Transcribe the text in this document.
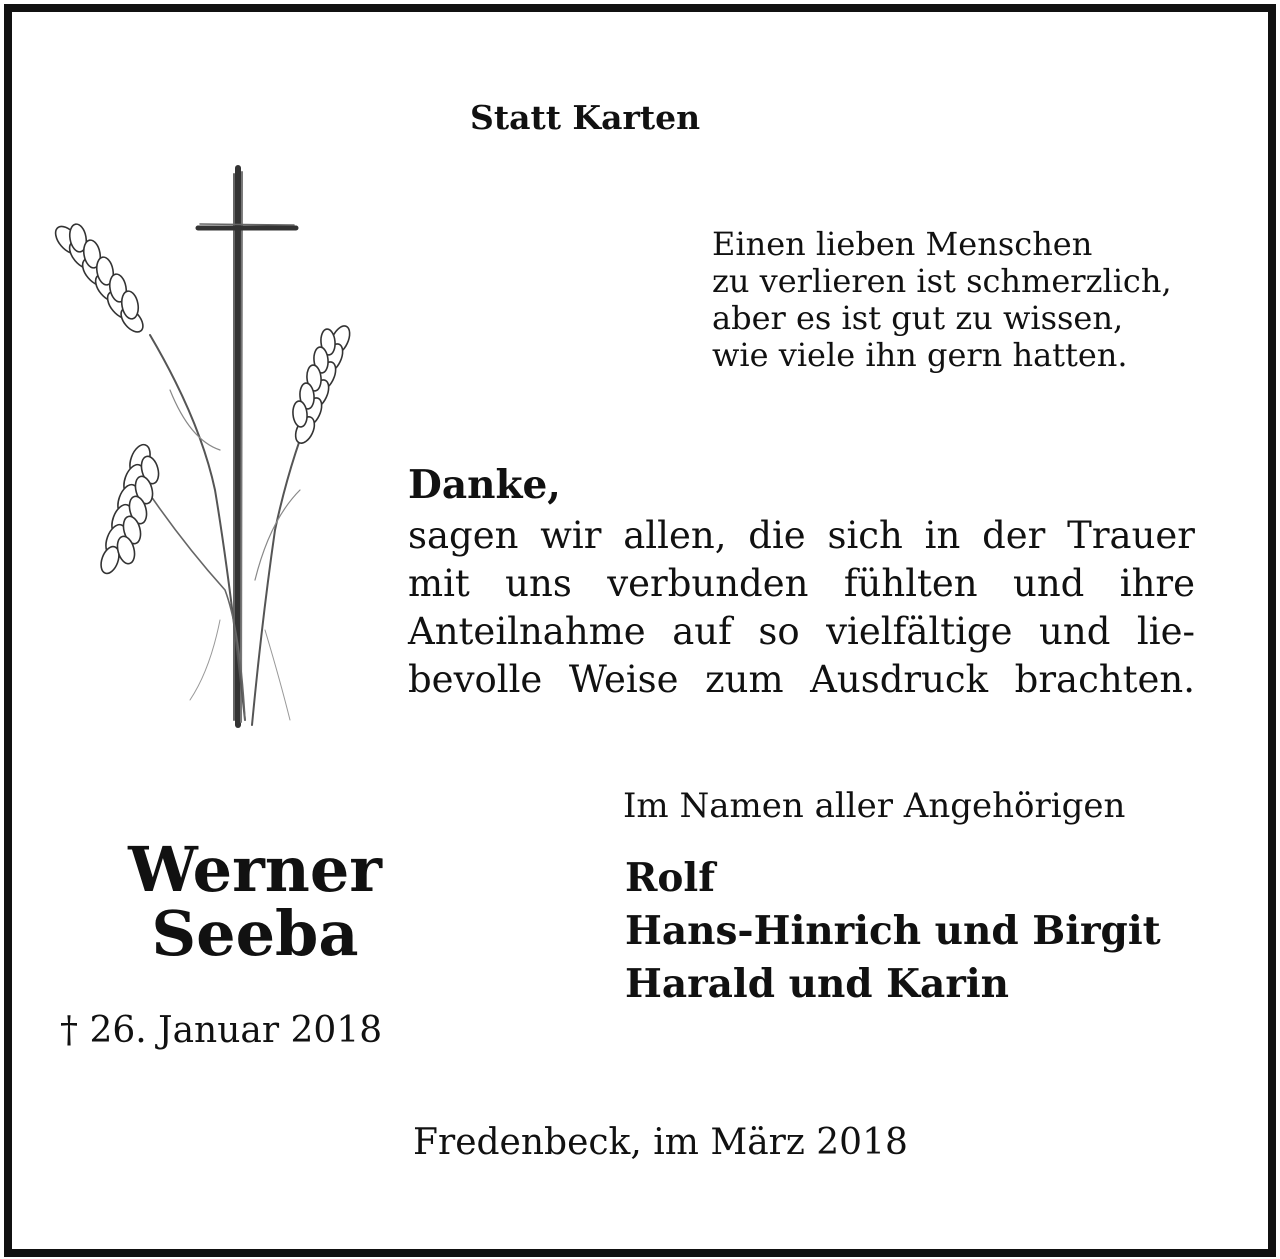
Statt Karten
Einen lieben Menschen
zu verlieren ist schmerzlich,
aber es ist gut zu wissen,
wie viele ihn gern hatten.
Danke,
sagen wir allen, die sich in der Trauer
mit uns verbunden fühlten und ihre
Anteilnahme auf so vielfältige und lie-
bevolle Weise zum Ausdruck brachten.
Im Namen aller Angehörigen
Rolf
Hans-Hinrich und Birgit
Harald und Karin
Werner
Seeba
† 26. Januar 2018
Fredenbeck, im März 2018
